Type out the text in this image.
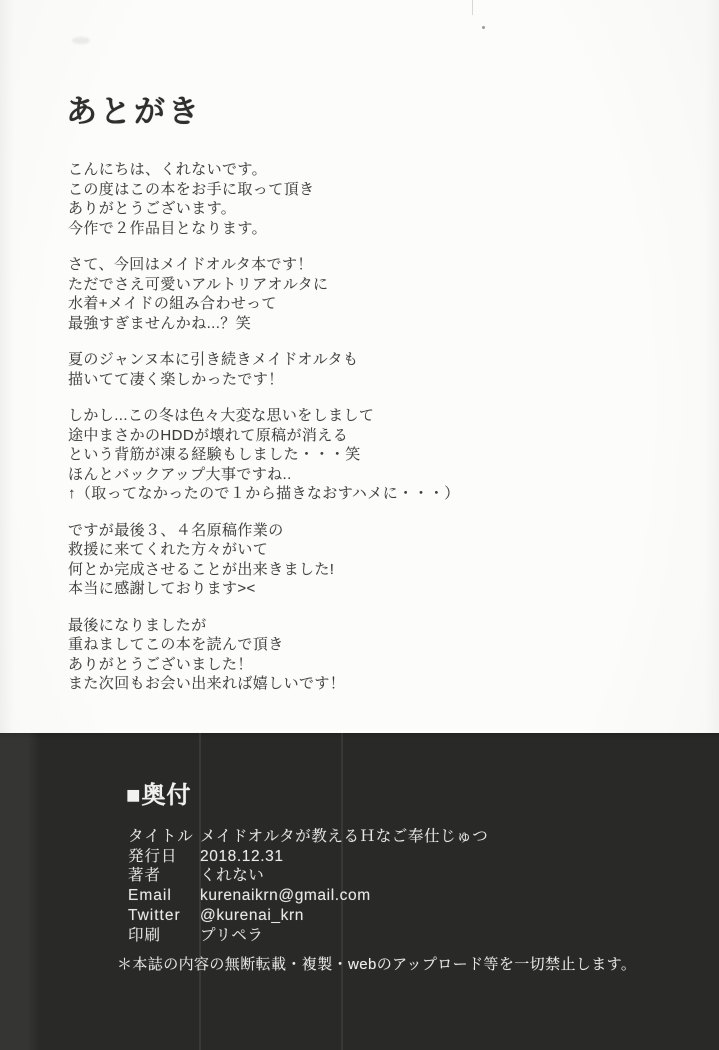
あとがき
こんにちは、くれないです。
この度はこの本をお手に取って頂き
ありがとうございます。
今作で２作品目となります。
さて、今回はメイドオルタ本です！
ただでさえ可愛いアルトリアオルタに
水着+メイドの組み合わせって
最強すぎませんかね...？笑
夏のジャンヌ本に引き続きメイドオルタも
描いてて凄く楽しかったです！
しかし...この冬は色々大変な思いをしまして
途中まさかのHDDが壊れて原稿が消える
という背筋が凍る経験もしました・・・笑
ほんとバックアップ大事ですね..
↑（取ってなかったので１から描きなおすハメに・・・）
ですが最後３、４名原稿作業の
救援に来てくれた方々がいて
何とか完成させることが出来きました!
本当に感謝しております><
最後になりましたが
重ねましてこの本を読んで頂き
ありがとうございました！
また次回もお会い出来れば嬉しいです！
■奥付
タイトル メイドオルタが教えるＨなご奉仕じゅつ
発行日	2018.12.31
著者	くれない
Email	kurenaikrn@gmail.com
Twitter	@kurenai_krn
印刷	プリペラ
＊本誌の内容の無断転載・複製・webのアップロード等を一切禁止します。
